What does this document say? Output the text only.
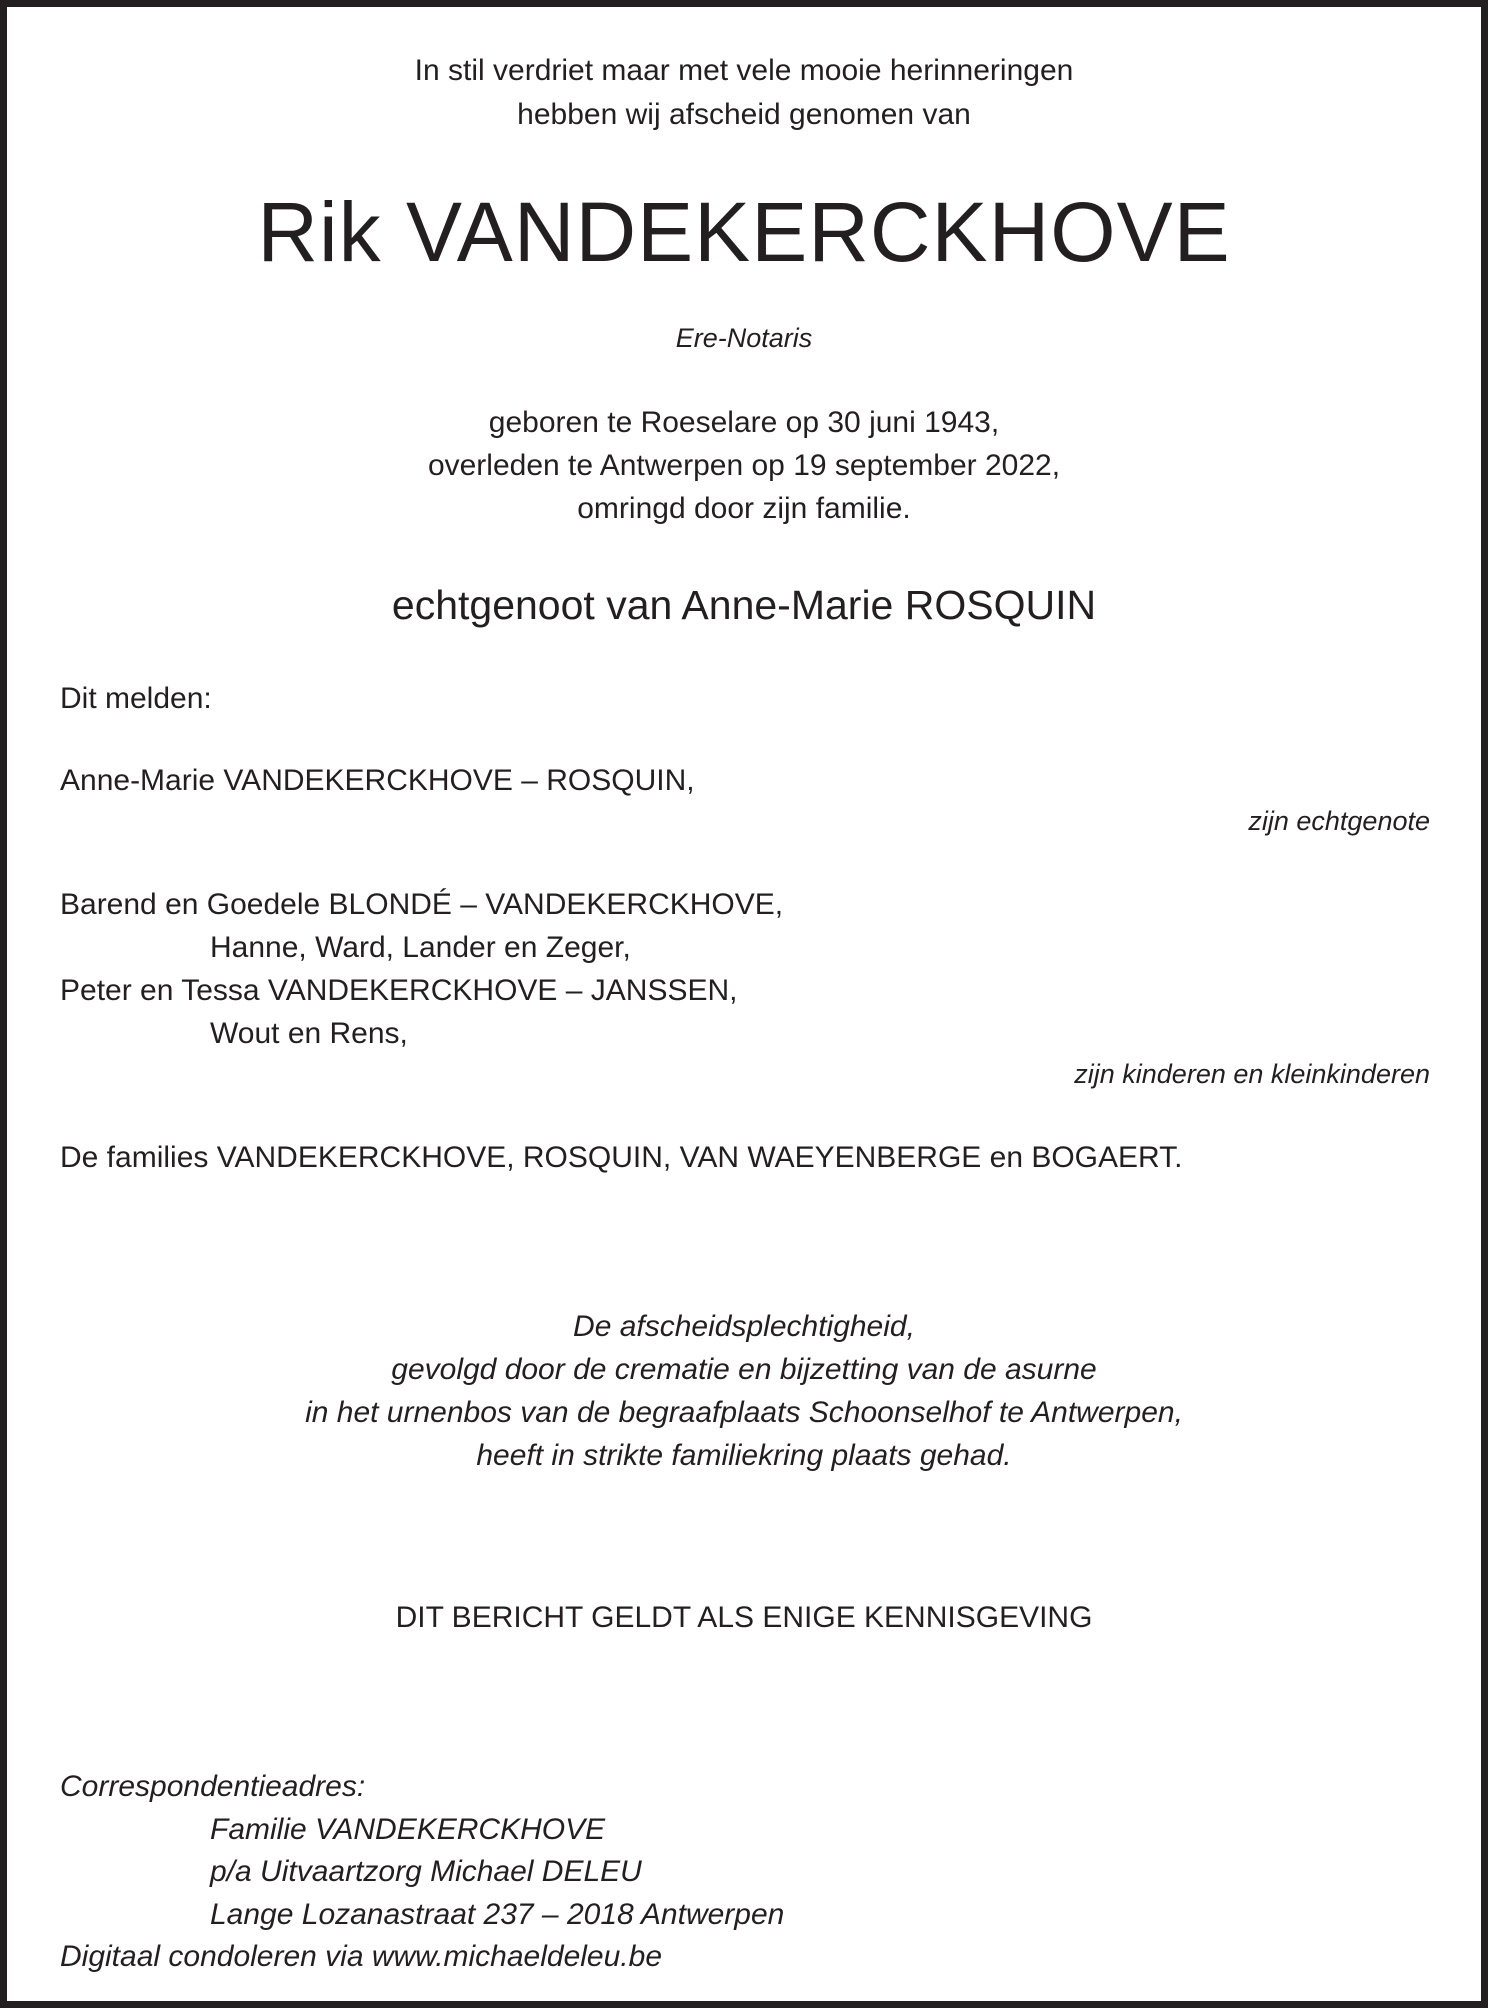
In stil verdriet maar met vele mooie herinneringen
hebben wij afscheid genomen van
Rik VANDEKERCKHOVE
Ere-Notaris
geboren te Roeselare op 30 juni 1943,
overleden te Antwerpen op 19 september 2022,
omringd door zijn familie.
echtgenoot van Anne-Marie ROSQUIN
Dit melden:
Anne-Marie VANDEKERCKHOVE – ROSQUIN,
zijn echtgenote
Barend en Goedele BLONDÉ – VANDEKERCKHOVE,
Hanne, Ward, Lander en Zeger,
Peter en Tessa VANDEKERCKHOVE – JANSSEN,
Wout en Rens,
zijn kinderen en kleinkinderen
De families VANDEKERCKHOVE, ROSQUIN, VAN WAEYENBERGE en BOGAERT.
De afscheidsplechtigheid,
gevolgd door de crematie en bijzetting van de asurne
in het urnenbos van de begraafplaats Schoonselhof te Antwerpen,
heeft in strikte familiekring plaats gehad.
DIT BERICHT GELDT ALS ENIGE KENNISGEVING
Correspondentieadres:
Familie VANDEKERCKHOVE
p/a Uitvaartzorg Michael DELEU
Lange Lozanastraat 237 – 2018 Antwerpen
Digitaal condoleren via www.michaeldeleu.be
